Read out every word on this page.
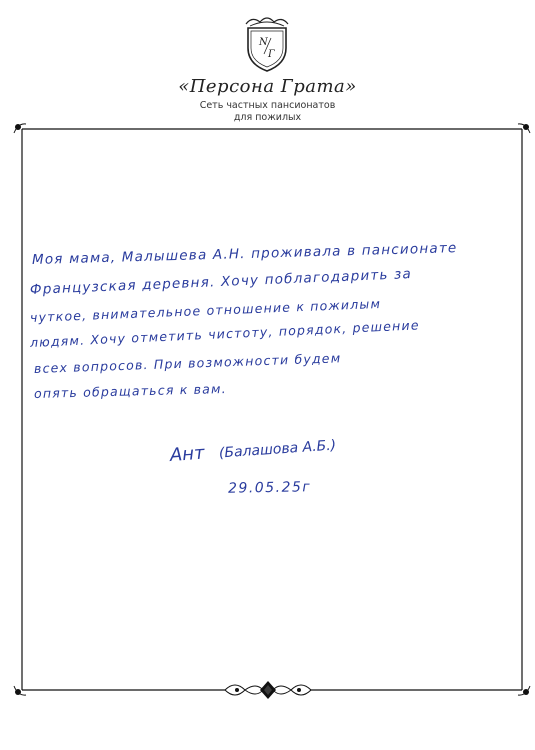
N
Г
«Персона Грата»
Сеть частных пансионатов
для пожилых
Моя мама, Малышева А.Н. проживала в пансионате
Французская деревня. Хочу поблагодарить за
чуткое, внимательное отношение к пожилым
людям. Хочу отметить чистоту, порядок, решение
всех вопросов. При возможности будем
опять обращаться к вам.
Ант (Балашова А.Б.)
29.05.25г
